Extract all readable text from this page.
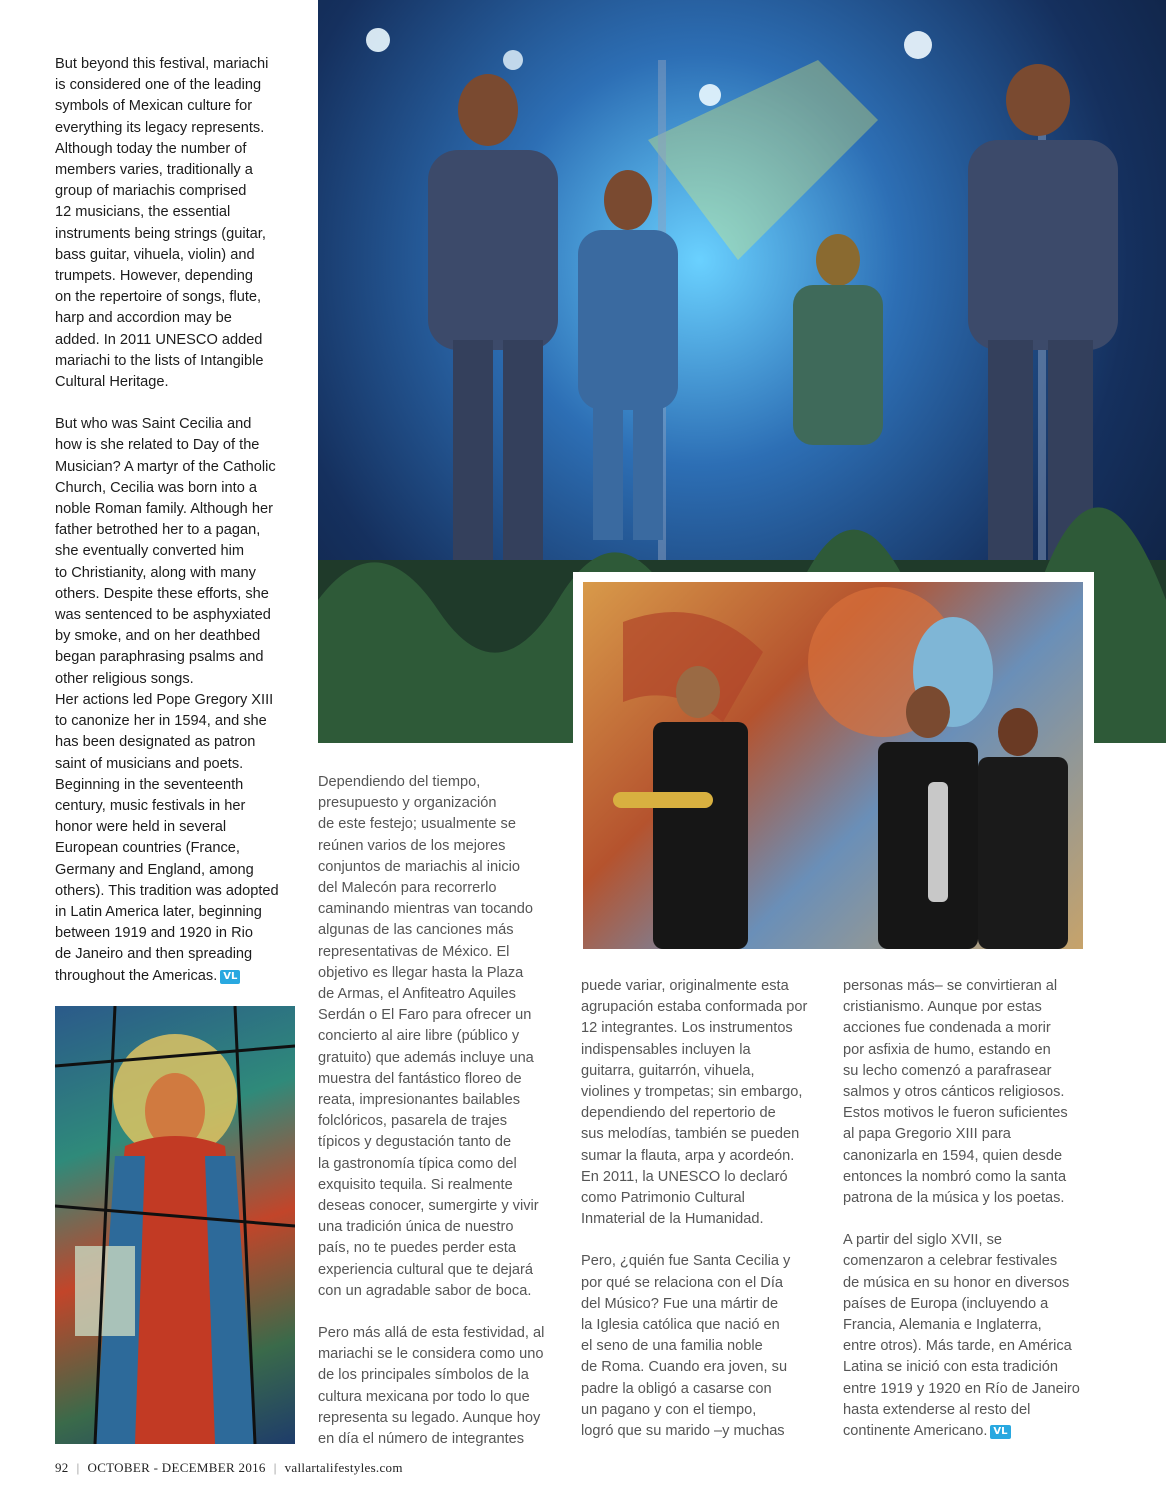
But beyond this festival, mariachi
is considered one of the leading
symbols of Mexican culture for
everything its legacy represents.
Although today the number of
members varies, traditionally a
group of mariachis comprised
12 musicians, the essential
instruments being strings (guitar,
bass guitar, vihuela, violin) and
trumpets. However, depending
on the repertoire of songs, flute,
harp and accordion may be
added. In 2011 UNESCO added
mariachi to the lists of Intangible
Cultural Heritage.

But who was Saint Cecilia and
how is she related to Day of the
Musician? A martyr of the Catholic
Church, Cecilia was born into a
noble Roman family. Although her
father betrothed her to a pagan,
she eventually converted him
to Christianity, along with many
others. Despite these efforts, she
was sentenced to be asphyxiated
by smoke, and on her deathbed
began paraphrasing psalms and
other religious songs.
Her actions led Pope Gregory XIII
to canonize her in 1594, and she
has been designated as patron
saint of musicians and poets.
Beginning in the seventeenth
century, music festivals in her
honor were held in several
European countries (France,
Germany and England, among
others). This tradition was adopted
in Latin America later, beginning
between 1919 and 1920 in Rio
de Janeiro and then spreading
throughout the Americas. VL

Dependiendo del tiempo,
presupuesto y organización
de este festejo; usualmente se
reúnen varios de los mejores
conjuntos de mariachis al inicio
del Malecón para recorrerlo
caminando mientras van tocando
algunas de las canciones más
representativas de México. El
objetivo es llegar hasta la Plaza
de Armas, el Anfiteatro Aquiles
Serdán o El Faro para ofrecer un
concierto al aire libre (público y
gratuito) que además incluye una
muestra del fantástico floreo de
reata, impresionantes bailables
folclóricos, pasarela de trajes
típicos y degustación tanto de
la gastronomía típica como del
exquisito tequila. Si realmente
deseas conocer, sumergirte y vivir
una tradición única de nuestro
país, no te puedes perder esta
experiencia cultural que te dejará
con un agradable sabor de boca.

Pero más allá de esta festividad, al
mariachi se le considera como uno
de los principales símbolos de la
cultura mexicana por todo lo que
representa su legado. Aunque hoy
en día el número de integrantes

puede variar, originalmente esta
agrupación estaba conformada por
12 integrantes. Los instrumentos
indispensables incluyen la
guitarra, guitarrón, vihuela,
violines y trompetas; sin embargo,
dependiendo del repertorio de
sus melodías, también se pueden
sumar la flauta, arpa y acordeón.
En 2011, la UNESCO lo declaró
como Patrimonio Cultural
Inmaterial de la Humanidad.

Pero, ¿quién fue Santa Cecilia y
por qué se relaciona con el Día
del Músico? Fue una mártir de
la Iglesia católica que nació en
el seno de una familia noble
de Roma. Cuando era joven, su
padre la obligó a casarse con
un pagano y con el tiempo,
logró que su marido –y muchas

personas más– se convirtieran al
cristianismo. Aunque por estas
acciones fue condenada a morir
por asfixia de humo, estando en
su lecho comenzó a parafrasear
salmos y otros cánticos religiosos.
Estos motivos le fueron suficientes
al papa Gregorio XIII para
canonizarla en 1594, quien desde
entonces la nombró como la santa
patrona de la música y los poetas.

A partir del siglo XVII, se
comenzaron a celebrar festivales
de música en su honor en diversos
países de Europa (incluyendo a
Francia, Alemania e Inglaterra,
entre otros). Más tarde, en América
Latina se inició con esta tradición
entre 1919 y 1920 en Río de Janeiro
hasta extenderse al resto del
continente Americano. VL

92 | OCTOBER - DECEMBER 2016 | vallartalifestyles.com
